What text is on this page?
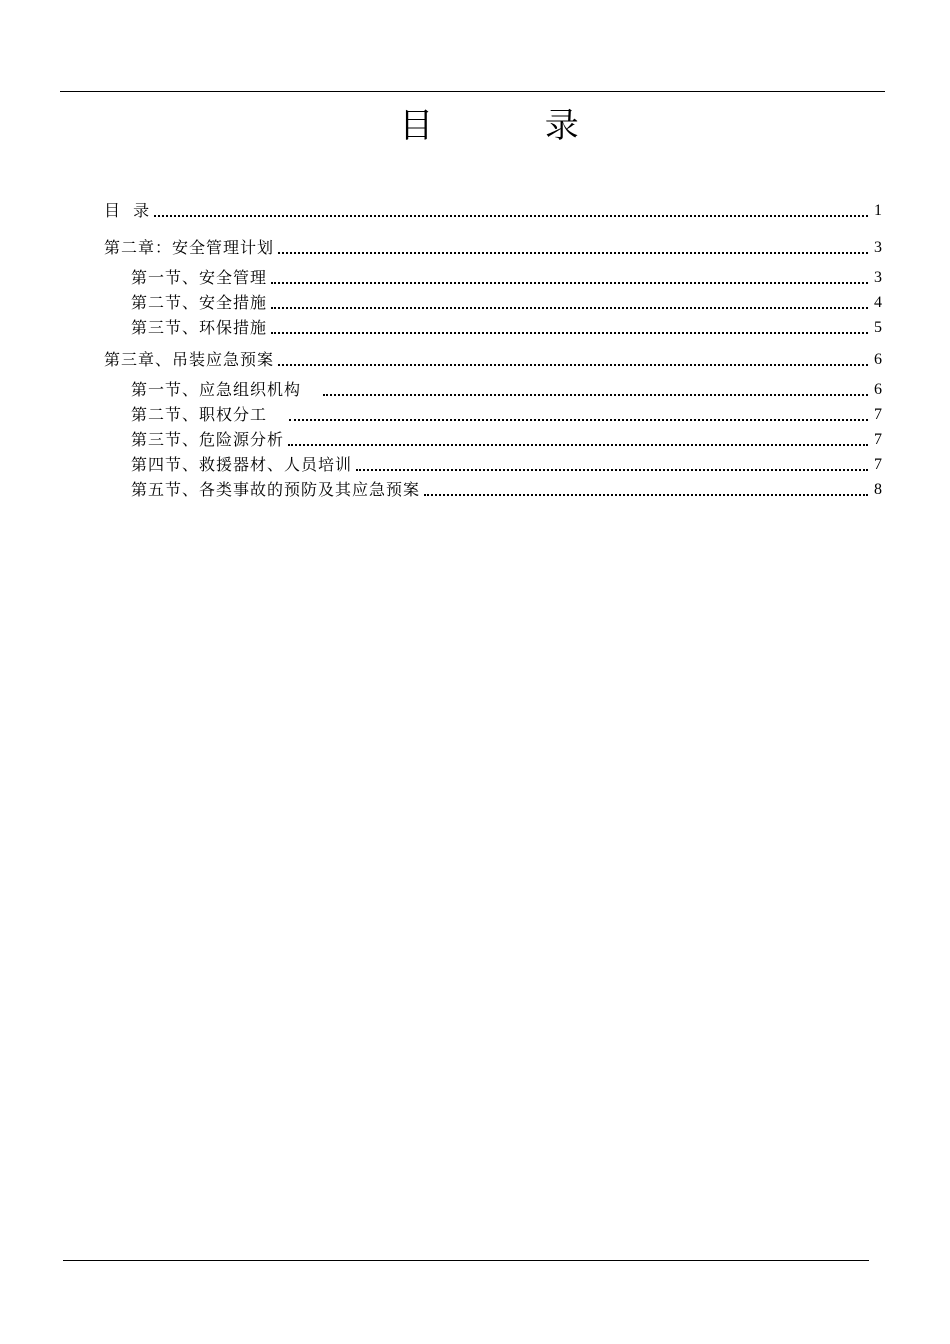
目  录
目  录	1
第二章：安全管理计划	3
第一节、安全管理	3
第二节、安全措施	4
第三节、环保措施	5
第三章、吊装应急预案	6
第一节、应急组织机构	6
第二节、职权分工	7
第三节、危险源分析	7
第四节、救援器材、人员培训	7
第五节、各类事故的预防及其应急预案	8
